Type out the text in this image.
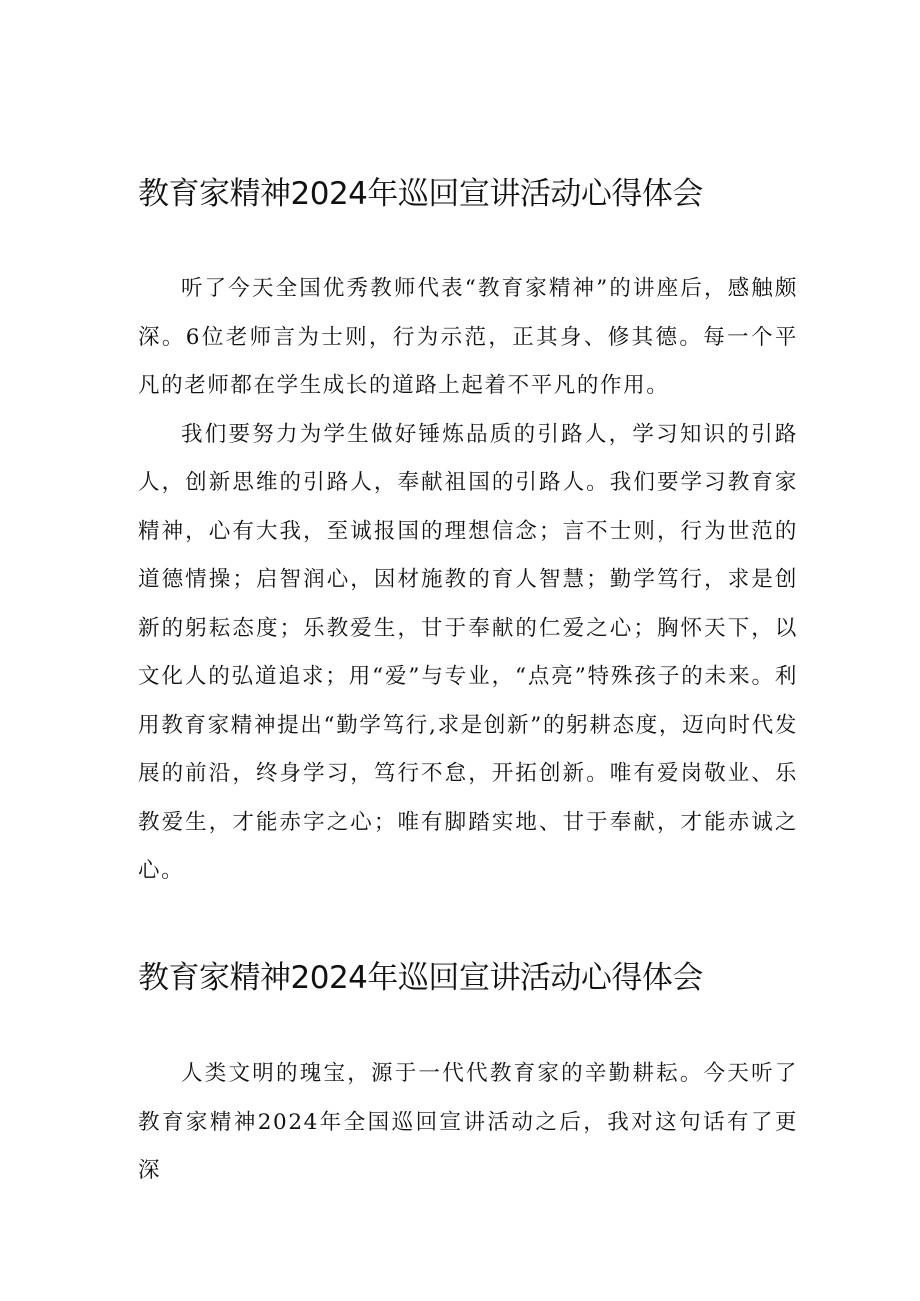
教育家精神2024年巡回宣讲活动心得体会

听了今天全国优秀教师代表“教育家精神”的讲座后，感触颇深。6位老师言为士则，行为示范，正其身、修其德。每一个平凡的老师都在学生成长的道路上起着不平凡的作用。

我们要努力为学生做好锤炼品质的引路人，学习知识的引路人，创新思维的引路人，奉献祖国的引路人。我们要学习教育家精神，心有大我，至诚报国的理想信念；言不士则，行为世范的道德情操；启智润心，因材施教的育人智慧；勤学笃行，求是创新的躬耘态度；乐教爱生，甘于奉献的仁爱之心；胸怀天下，以文化人的弘道追求；用“爱”与专业，“点亮”特殊孩子的未来。利用教育家精神提出“勤学笃行,求是创新”的躬耕态度，迈向时代发展的前沿，终身学习，笃行不怠，开拓创新。唯有爱岗敬业、乐教爱生，才能赤字之心；唯有脚踏实地、甘于奉献，才能赤诚之心。

教育家精神2024年巡回宣讲活动心得体会

人类文明的瑰宝，源于一代代教育家的辛勤耕耘。今天听了教育家精神2024年全国巡回宣讲活动之后，我对这句话有了更深
